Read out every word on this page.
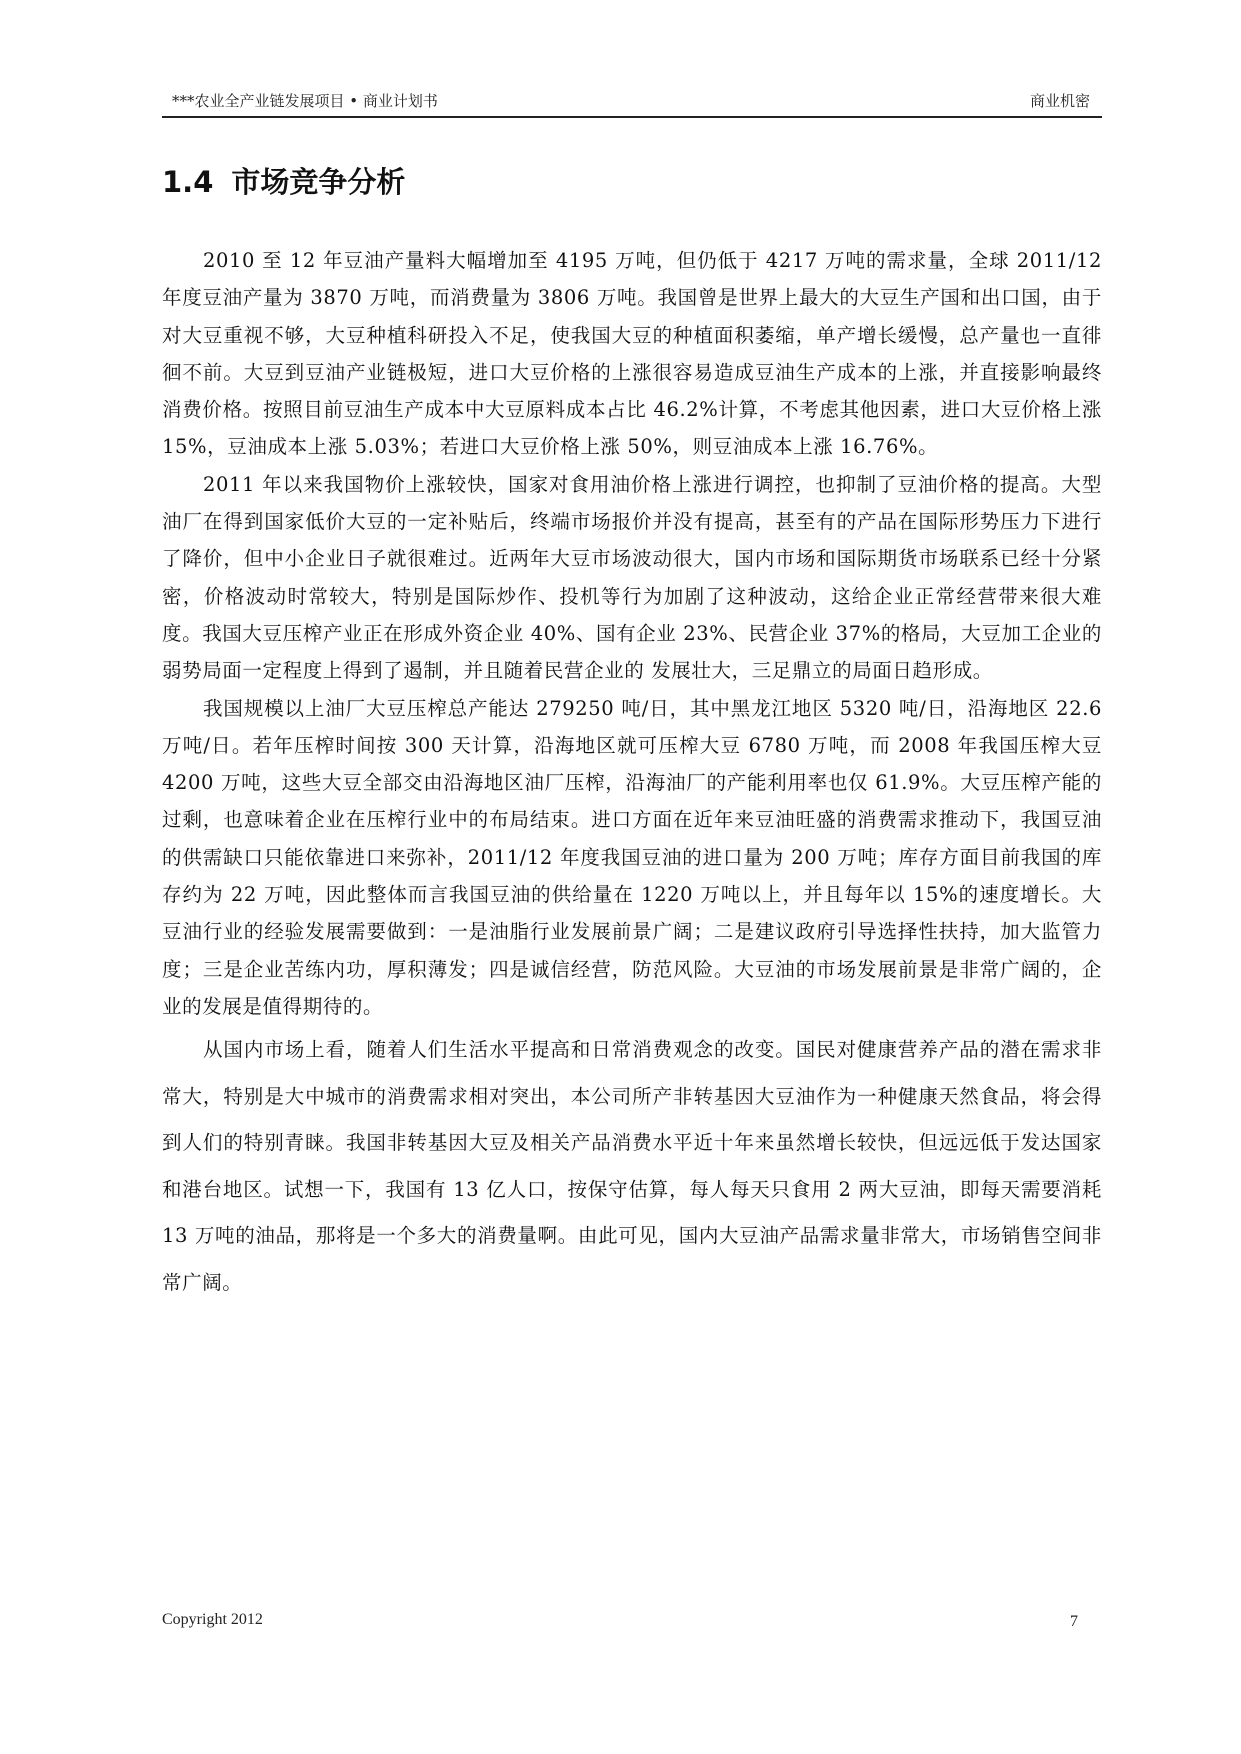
***农业全产业链发展项目 • 商业计划书	商业机密
1.4 市场竞争分析

2010 至 12 年豆油产量料大幅增加至 4195 万吨，但仍低于 4217 万吨的需求量，全球 2011/12 年度豆油产量为 3870 万吨，而消费量为 3806 万吨。我国曾是世界上最大的大豆生产国和出口国，由于对大豆重视不够，大豆种植科研投入不足，使我国大豆的种植面积萎缩，单产增长缓慢，总产量也一直徘徊不前。大豆到豆油产业链极短，进口大豆价格的上涨很容易造成豆油生产成本的上涨，并直接影响最终消费价格。按照目前豆油生产成本中大豆原料成本占比 46.2%计算，不考虑其他因素，进口大豆价格上涨 15%，豆油成本上涨 5.03%；若进口大豆价格上涨 50%，则豆油成本上涨 16.76%。

2011 年以来我国物价上涨较快，国家对食用油价格上涨进行调控，也抑制了豆油价格的提高。大型油厂在得到国家低价大豆的一定补贴后，终端市场报价并没有提高，甚至有的产品在国际形势压力下进行了降价，但中小企业日子就很难过。近两年大豆市场波动很大，国内市场和国际期货市场联系已经十分紧密，价格波动时常较大，特别是国际炒作、投机等行为加剧了这种波动，这给企业正常经营带来很大难度。我国大豆压榨产业正在形成外资企业 40%、国有企业 23%、民营企业 37%的格局，大豆加工企业的弱势局面一定程度上得到了遏制，并且随着民营企业的 发展壮大，三足鼎立的局面日趋形成。

我国规模以上油厂大豆压榨总产能达 279250 吨/日，其中黑龙江地区 5320 吨/日，沿海地区 22.6 万吨/日。若年压榨时间按 300 天计算，沿海地区就可压榨大豆 6780 万吨，而 2008 年我国压榨大豆 4200 万吨，这些大豆全部交由沿海地区油厂压榨，沿海油厂的产能利用率也仅 61.9%。大豆压榨产能的过剩，也意味着企业在压榨行业中的布局结束。进口方面在近年来豆油旺盛的消费需求推动下，我国豆油的供需缺口只能依靠进口来弥补，2011/12 年度我国豆油的进口量为 200 万吨；库存方面目前我国的库存约为 22 万吨，因此整体而言我国豆油的供给量在 1220 万吨以上，并且每年以 15%的速度增长。大豆油行业的经验发展需要做到：一是油脂行业发展前景广阔；二是建议政府引导选择性扶持，加大监管力度；三是企业苦练内功，厚积薄发；四是诚信经营，防范风险。大豆油的市场发展前景是非常广阔的，企业的发展是值得期待的。

从国内市场上看，随着人们生活水平提高和日常消费观念的改变。国民对健康营养产品的潜在需求非常大，特别是大中城市的消费需求相对突出，本公司所产非转基因大豆油作为一种健康天然食品，将会得到人们的特别青睐。我国非转基因大豆及相关产品消费水平近十年来虽然增长较快，但远远低于发达国家和港台地区。试想一下，我国有 13 亿人口，按保守估算，每人每天只食用 2 两大豆油，即每天需要消耗 13 万吨的油品，那将是一个多大的消费量啊。由此可见，国内大豆油产品需求量非常大，市场销售空间非常广阔。

Copyright 2012	7
